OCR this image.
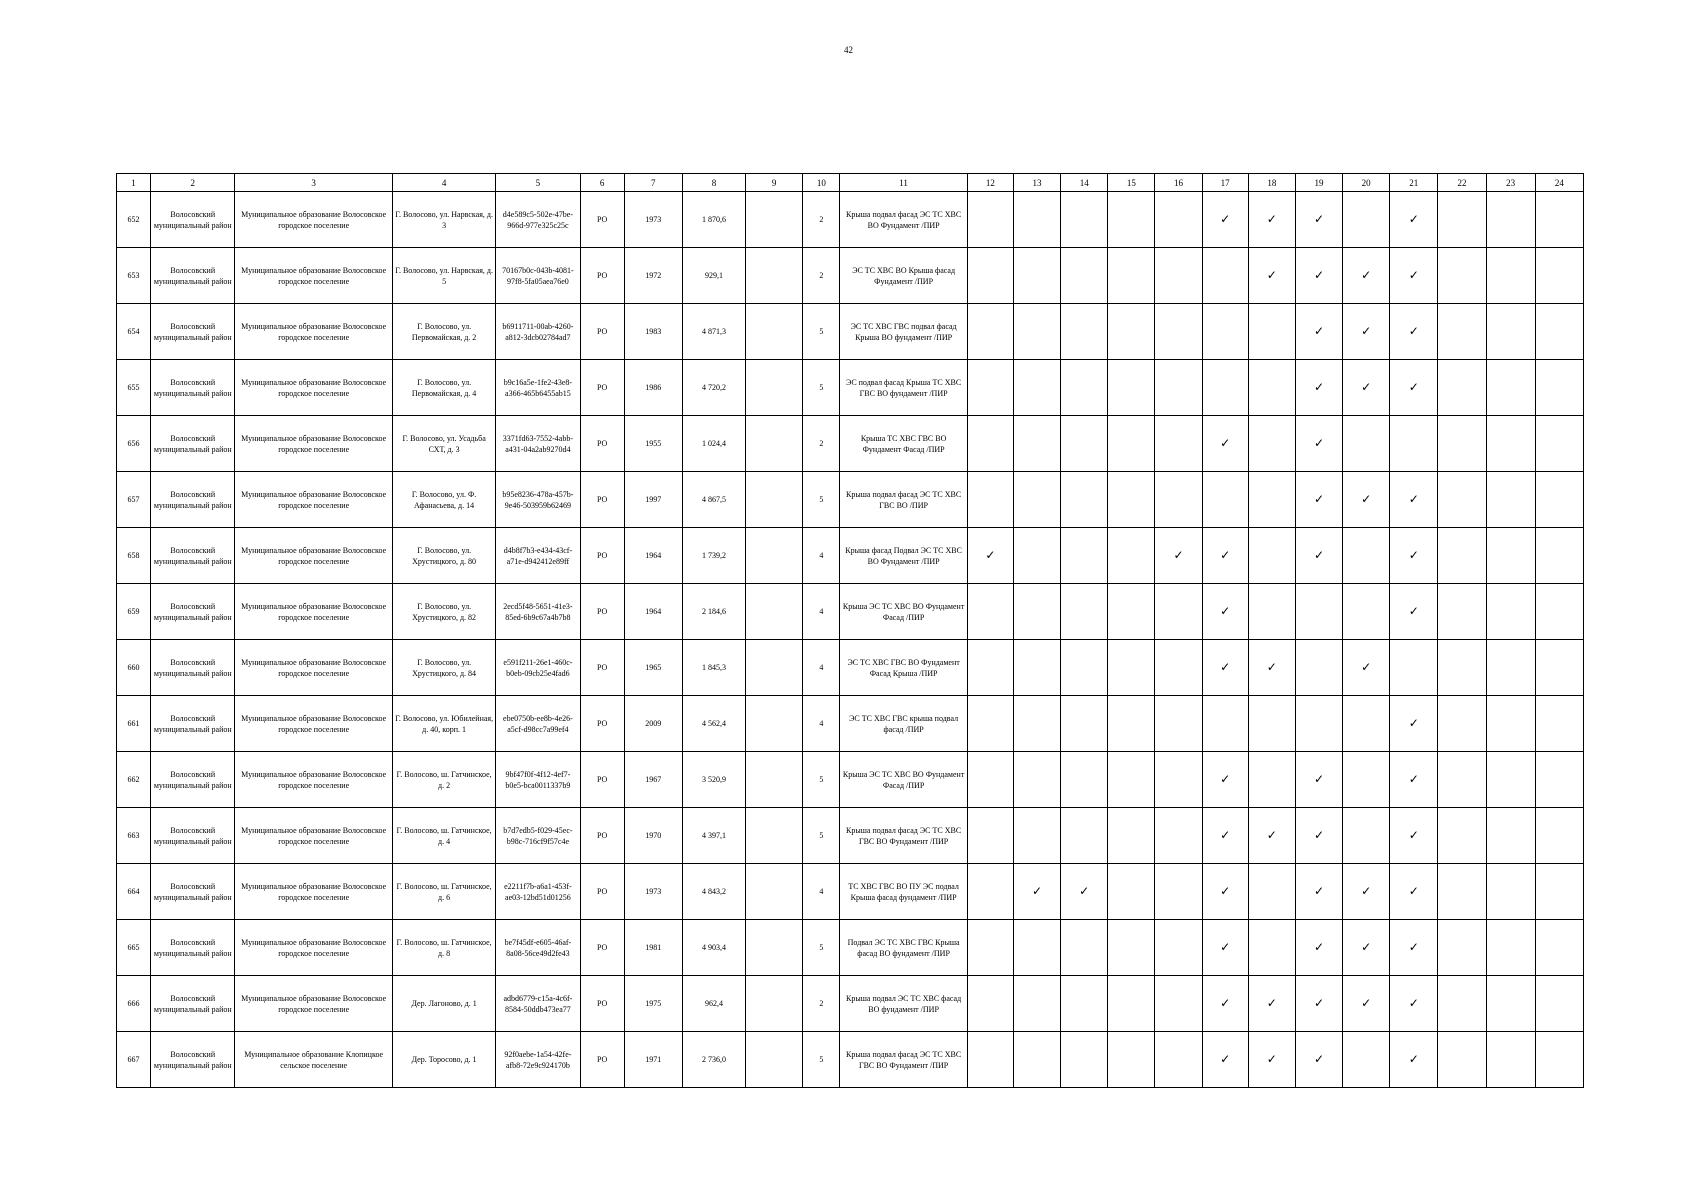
42
1	2	3	4	5	6	7	8	9	10	11	12	13	14	15	16	17	18	19	20	21	22	23	24
652	Волосовский муниципальный район	Муниципальное образование Волосовское городское поселение	Г. Волосово, ул. Нарвская, д. 3	d4e589c5-502e-47be-966d-977e325c25c	РО	1973	1 870,6		2	Крыша подвал фасад ЭС ТС ХВС ВО Фундамент /ПИР						✓	✓	✓		✓			
653	Волосовский муниципальный район	Муниципальное образование Волосовское городское поселение	Г. Волосово, ул. Нарвская, д. 5	70167b0c-043b-4081-97f8-5fa05aea76e0	РО	1972	929,1		2	ЭС ТС ХВС ВО Крыша фасад Фундамент /ПИР							✓	✓	✓	✓			
654	Волосовский муниципальный район	Муниципальное образование Волосовское городское поселение	Г. Волосово, ул. Первомайская, д. 2	b6911711-00ab-4260-a812-3dcb02784ad7	РО	1983	4 871,3		5	ЭС ТС ХВС ГВС подвал фасад Крыша ВО фундамент /ПИР								✓	✓	✓			
655	Волосовский муниципальный район	Муниципальное образование Волосовское городское поселение	Г. Волосово, ул. Первомайская, д. 4	b9c16a5e-1fe2-43e8-a366-465b6455ab15	РО	1986	4 720,2		5	ЭС подвал фасад Крыша ТС ХВС ГВС ВО фундамент /ПИР								✓	✓	✓			
656	Волосовский муниципальный район	Муниципальное образование Волосовское городское поселение	Г. Волосово, ул. Усадьба СХТ, д. 3	3371fd63-7552-4abb-a431-04a2ab9270d4	РО	1955	1 024,4		2	Крыша ТС ХВС ГВС ВО Фундамент Фасад /ПИР						✓		✓					
657	Волосовский муниципальный район	Муниципальное образование Волосовское городское поселение	Г. Волосово, ул. Ф. Афанасьева, д. 14	b95e8236-478a-457b-9e46-503959b62469	РО	1997	4 867,5		5	Крыша подвал фасад ЭС ТС ХВС ГВС ВО /ПИР								✓	✓	✓			
658	Волосовский муниципальный район	Муниципальное образование Волосовское городское поселение	Г. Волосово, ул. Хрустицкого, д. 80	d4b8f7b3-e434-43cf-a71e-d942412e89ff	РО	1964	1 739,2		4	Крыша фасад Подвал ЭС ТС ХВС ВО Фундамент /ПИР	✓				✓	✓		✓		✓			
659	Волосовский муниципальный район	Муниципальное образование Волосовское городское поселение	Г. Волосово, ул. Хрустицкого, д. 82	2ecd5f48-5651-41e3-85ed-6b9c67a4b7b8	РО	1964	2 184,6		4	Крыша ЭС ТС ХВС ВО Фундамент Фасад /ПИР						✓				✓			
660	Волосовский муниципальный район	Муниципальное образование Волосовское городское поселение	Г. Волосово, ул. Хрустицкого, д. 84	e591f211-26e1-460c-b0eb-09cb25e4fad6	РО	1965	1 845,3		4	ЭС ТС ХВС ГВС ВО Фундамент Фасад Крыша /ПИР						✓	✓		✓				
661	Волосовский муниципальный район	Муниципальное образование Волосовское городское поселение	Г. Волосово, ул. Юбилейная, д. 40, корп. 1	ebe0750b-ee8b-4e26-a5cf-d98cc7a99ef4	РО	2009	4 562,4		4	ЭС ТС ХВС ГВС крыша подвал фасад /ПИР										✓			
662	Волосовский муниципальный район	Муниципальное образование Волосовское городское поселение	Г. Волосово, ш. Гатчинское, д. 2	9bf47f0f-4f12-4ef7-b0e5-bca0011337b9	РО	1967	3 520,9		5	Крыша ЭС ТС ХВС ВО Фундамент Фасад /ПИР						✓		✓		✓			
663	Волосовский муниципальный район	Муниципальное образование Волосовское городское поселение	Г. Волосово, ш. Гатчинское, д. 4	b7d7edb5-f029-45ec-b98c-716cf9f57c4e	РО	1970	4 397,1		5	Крыша подвал фасад ЭС ТС ХВС ГВС ВО Фундамент /ПИР						✓	✓	✓		✓			
664	Волосовский муниципальный район	Муниципальное образование Волосовское городское поселение	Г. Волосово, ш. Гатчинское, д. 6	e2211f7b-a6a1-453f-ae03-12bd51d01256	РО	1973	4 843,2		4	ТС ХВС ГВС ВО ПУ ЭС подвал Крыша фасад фундамент /ПИР		✓	✓			✓		✓	✓	✓			
665	Волосовский муниципальный район	Муниципальное образование Волосовское городское поселение	Г. Волосово, ш. Гатчинское, д. 8	be7f45df-e605-46af-8a08-56ce49d2fe43	РО	1981	4 903,4		5	Подвал ЭС ТС ХВС ГВС Крыша фасад ВО фундамент /ПИР						✓		✓	✓	✓			
666	Волосовский муниципальный район	Муниципальное образование Волосовское городское поселение	Дер. Лагоново, д. 1	adbd6779-c15a-4c6f-8584-50ddb473ea77	РО	1975	962,4		2	Крыша подвал ЭС ТС ХВС фасад ВО фундамент /ПИР						✓	✓	✓	✓	✓			
667	Волосовский муниципальный район	Муниципальное образование Клопицкое сельское поселение	Дер. Торосово, д. 1	92f0aebe-1a54-42fe-afb8-72e9c924170b	РО	1971	2 736,0		5	Крыша подвал фасад ЭС ТС ХВС ГВС ВО Фундамент /ПИР						✓	✓	✓		✓			
